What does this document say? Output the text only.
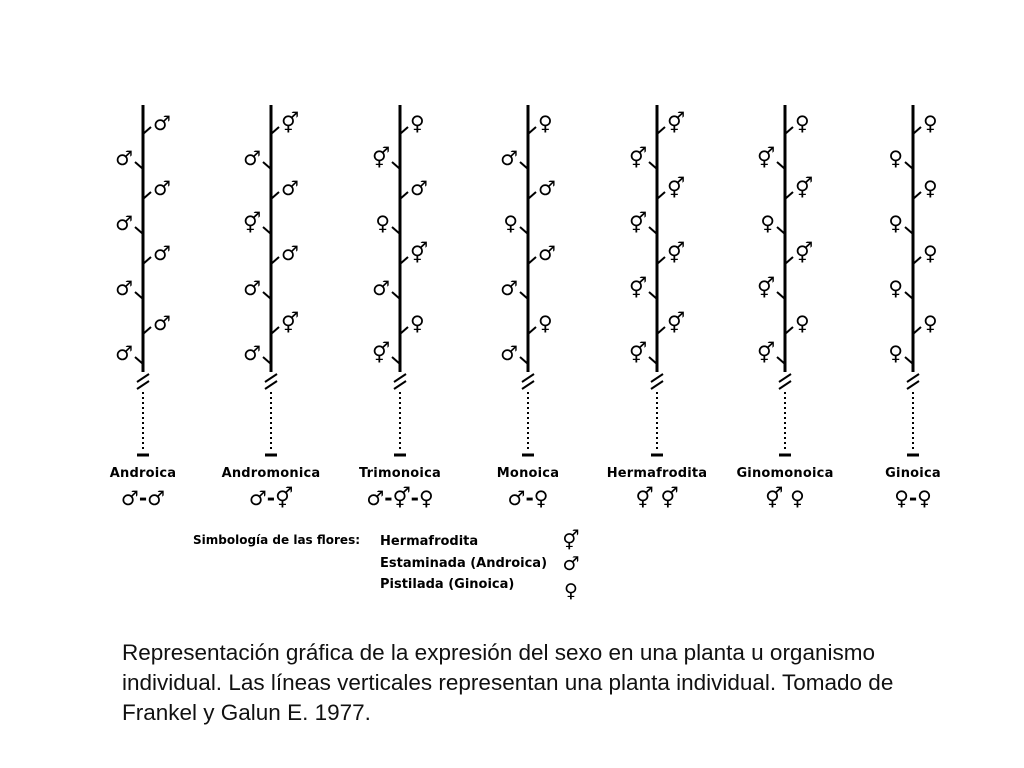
♂
♂
♂
♂
♂
♂
♂
♂
⚥
♂
♂
⚥
♂
♂
⚥
♂
♀
⚥
♂
♀
⚥
♂
♀
⚥
♀
♂
♂
♀
♂
♂
♀
♂
⚥
⚥
⚥
⚥
⚥
⚥
⚥
⚥
♀
⚥
⚥
♀
⚥
⚥
♀
⚥
♀
♀
♀
♀
♀
♀
♀
♀
Androica
♂-♂
Andromonica
♂-⚥
Trimonoica
♂-⚥-♀
Monoica
♂-♀
Hermafrodita
⚥ ⚥
Ginomonoica
⚥ ♀
Ginoica
♀-♀
Simbología de las flores: Hermafrodita
Estaminada (Androica)
Pistilada (Ginoica)
⚥
♂
♀
Representación gráfica de la expresión del sexo en una planta u organismo individual. Las líneas verticales representan una planta individual. Tomado de Frankel y Galun E. 1977.
